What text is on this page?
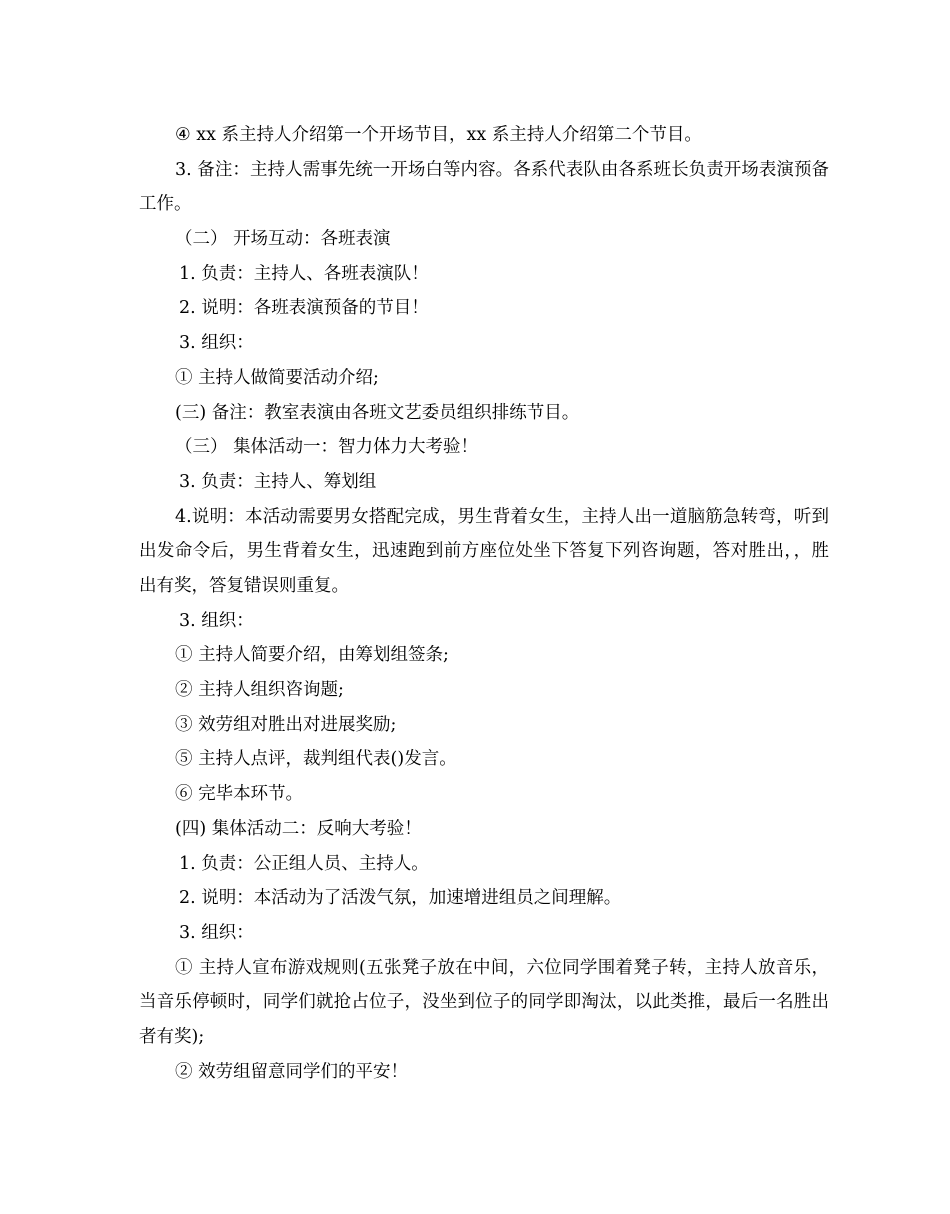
④ xx 系主持人介绍第一个开场节目，xx 系主持人介绍第二个节目。
3. 备注：主持人需事先统一开场白等内容。各系代表队由各系班长负责开场表演预备工作。
（二） 开场互动：各班表演
1. 负责：主持人、各班表演队！
2. 说明：各班表演预备的节目！
3. 组织：
① 主持人做简要活动介绍;
(三) 备注：教室表演由各班文艺委员组织排练节目。
（三） 集体活动一：智力体力大考验！
3. 负责：主持人、筹划组
4.说明：本活动需要男女搭配完成，男生背着女生，主持人出一道脑筋急转弯，听到出发命令后，男生背着女生，迅速跑到前方座位处坐下答复下列咨询题，答对胜出，，胜出有奖，答复错误则重复。
3. 组织：
① 主持人简要介绍，由筹划组签条;
② 主持人组织咨询题;
③ 效劳组对胜出对进展奖励;
⑤ 主持人点评，裁判组代表()发言。
⑥ 完毕本环节。
(四) 集体活动二：反响大考验！
1. 负责：公正组人员、主持人。
2. 说明：本活动为了活泼气氛，加速增进组员之间理解。
3. 组织：
① 主持人宣布游戏规则(五张凳子放在中间，六位同学围着凳子转，主持人放音乐，当音乐停顿时，同学们就抢占位子，没坐到位子的同学即淘汰，以此类推，最后一名胜出者有奖);
② 效劳组留意同学们的平安！
